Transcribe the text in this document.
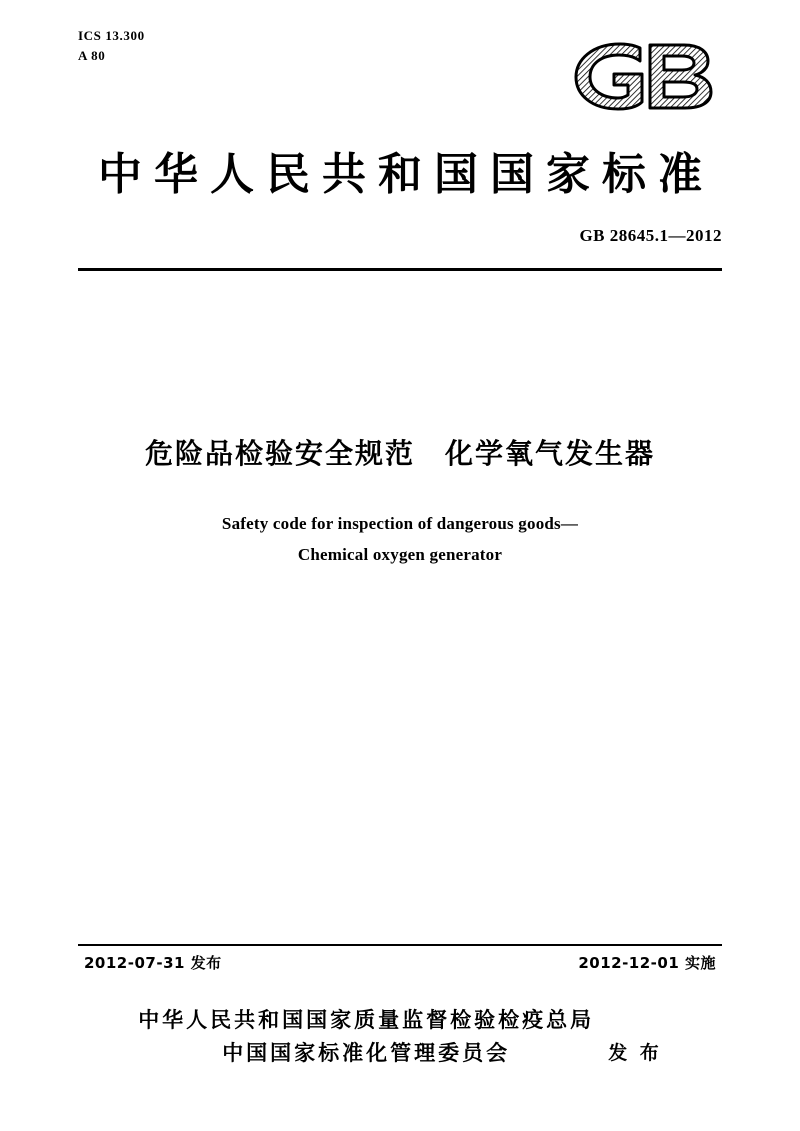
ICS 13.300
A 80
中华人民共和国国家标准
GB 28645.1—2012
危险品检验安全规范　化学氧气发生器
Safety code for inspection of dangerous goods—
Chemical oxygen generator
2012-07-31 发布	2012-12-01 实施
中华人民共和国国家质量监督检验检疫总局
中国国家标准化管理委员会	发 布
